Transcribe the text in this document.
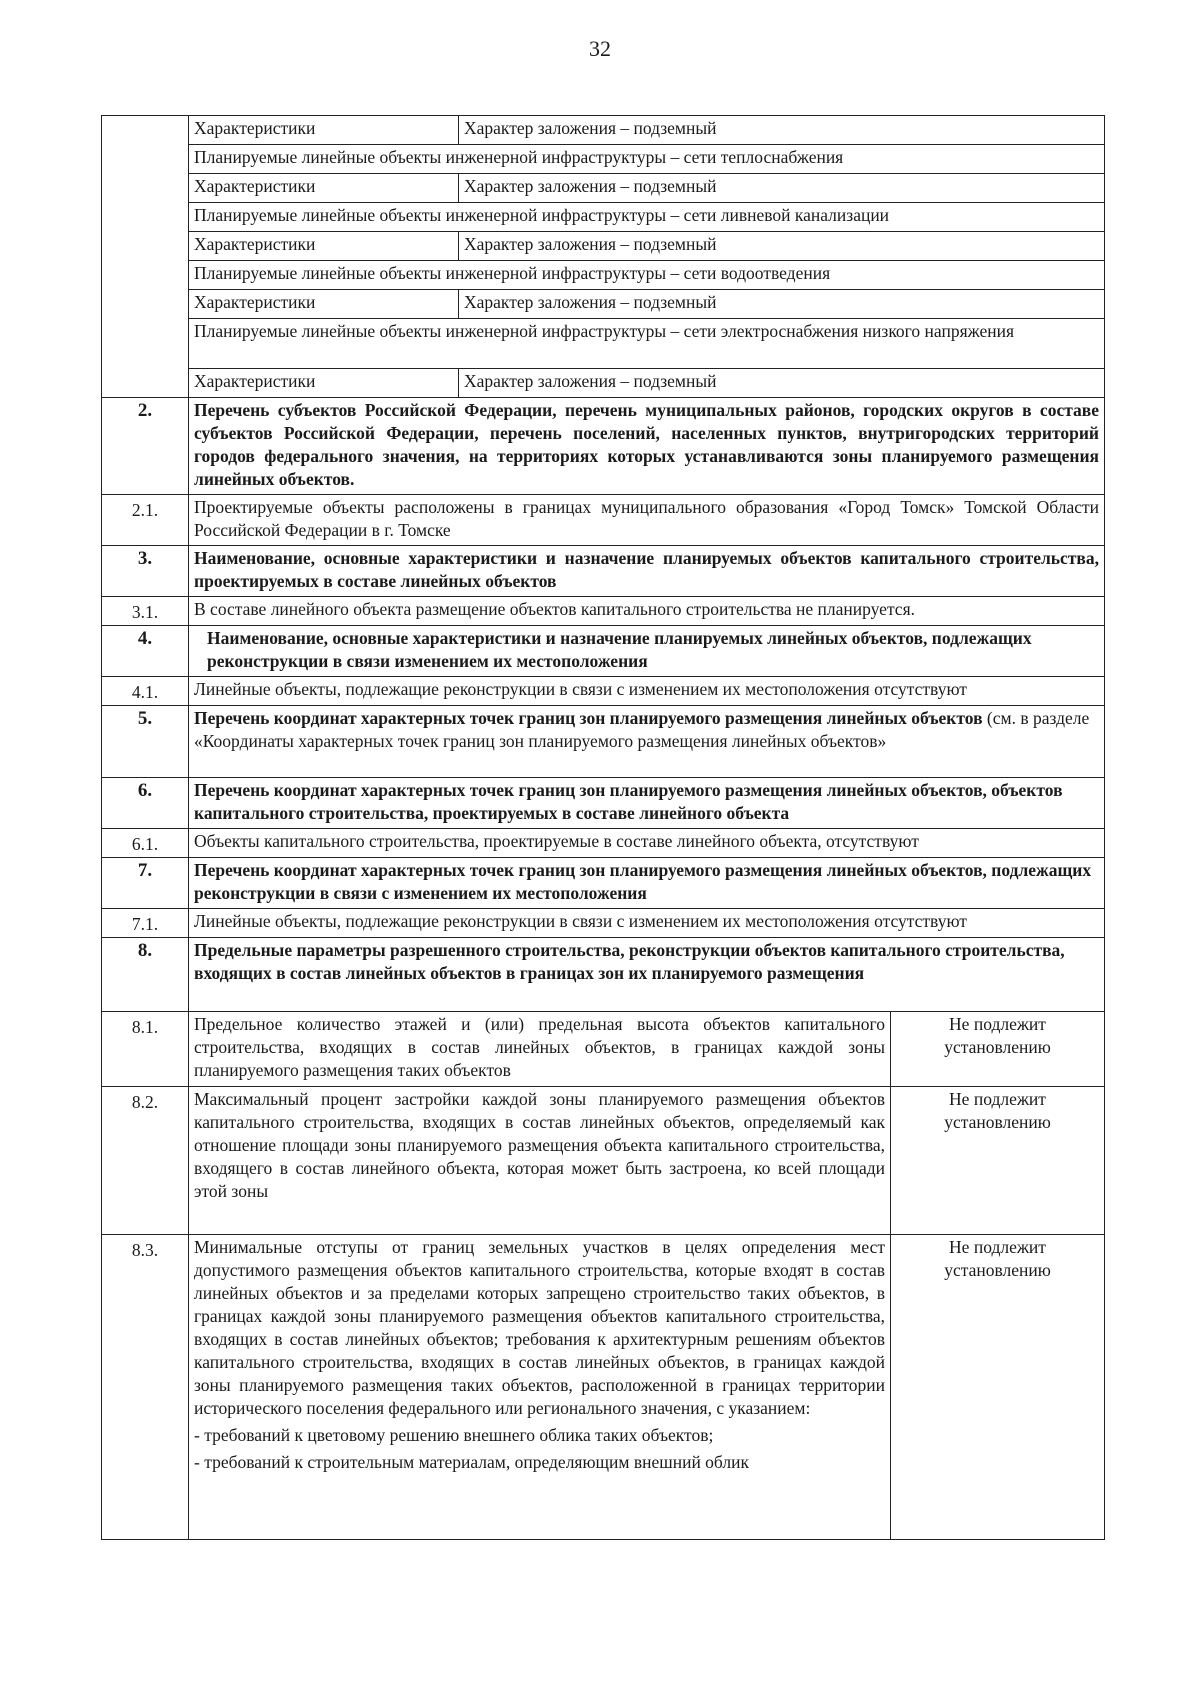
32
	Характеристики	Характер заложения – подземный	
	Планируемые линейные объекты инженерной инфраструктуры – сети теплоснабжения		
	Характеристики	Характер заложения – подземный	
	Планируемые линейные объекты инженерной инфраструктуры – сети ливневой канализации		
	Характеристики	Характер заложения – подземный	
	Планируемые линейные объекты инженерной инфраструктуры – сети водоотведения		
	Характеристики	Характер заложения – подземный	
	Планируемые линейные объекты инженерной инфраструктуры – сети электроснабжения низкого напряжения		
	Характеристики	Характер заложения – подземный	

2.	Перечень субъектов Российской Федерации, перечень муниципальных районов, городских округов в составе субъектов Российской Федерации, перечень поселений, населенных пунктов, внутригородских территорий городов федерального значения, на территориях которых устанавливаются зоны планируемого размещения линейных объектов.		
2.1.	Проектируемые объекты расположены в границах муниципального образования «Город Томск» Томской Области Российской Федерации в г. Томске		
3.	Наименование, основные характеристики и назначение планируемых объектов капитального строительства, проектируемых в составе линейных объектов		
3.1.	В составе линейного объекта размещение объектов капитального строительства не планируется.		
4.	Наименование, основные характеристики и назначение планируемых линейных объектов, подлежащих реконструкции в связи изменением их местоположения		
4.1.	Линейные объекты, подлежащие реконструкции в связи с изменением их местоположения отсутствуют		
5.	Перечень координат характерных точек границ зон планируемого размещения линейных объектов (см. в разделе «Координаты характерных точек границ зон планируемого размещения линейных объектов»		
6.	Перечень координат характерных точек границ зон планируемого размещения линейных объектов, объектов капитального строительства, проектируемых в составе линейного объекта		
6.1.	Объекты капитального строительства, проектируемые в составе линейного объекта, отсутствуют		
7.	Перечень координат характерных точек границ зон планируемого размещения линейных объектов, подлежащих реконструкции в связи с изменением их местоположения		
7.1.	Линейные объекты, подлежащие реконструкции в связи с изменением их местоположения отсутствуют		
8.	Предельные параметры разрешенного строительства, реконструкции объектов капитального строительства, входящих в состав линейных объектов в границах зон их планируемого размещения		
8.1.	Предельное количество этажей и (или) предельная высота объектов капитального строительства, входящих в состав линейных объектов, в границах каждой зоны планируемого размещения таких объектов		Не подлежит установлению
8.2.	Максимальный процент застройки каждой зоны планируемого размещения объектов капитального строительства, входящих в состав линейных объектов, определяемый как отношение площади зоны планируемого размещения объекта капитального строительства, входящего в состав линейного объекта, которая может быть застроена, ко всей площади этой зоны		Не подлежит установлению
8.3.	Минимальные отступы от границ земельных участков в целях определения мест допустимого размещения объектов капитального строительства, которые входят в состав линейных объектов и за пределами которых запрещено строительство таких объектов, в границах каждой зоны планируемого размещения объектов капитального строительства, входящих в состав линейных объектов; требования к архитектурным решениям объектов капитального строительства, входящих в состав линейных объектов, в границах каждой зоны планируемого размещения таких объектов, расположенной в границах территории исторического поселения федерального или регионального значения, с указанием:
- требований к цветовому решению внешнего облика таких объектов;
- требований к строительным материалам, определяющим внешний облик		Не подлежит установлению
